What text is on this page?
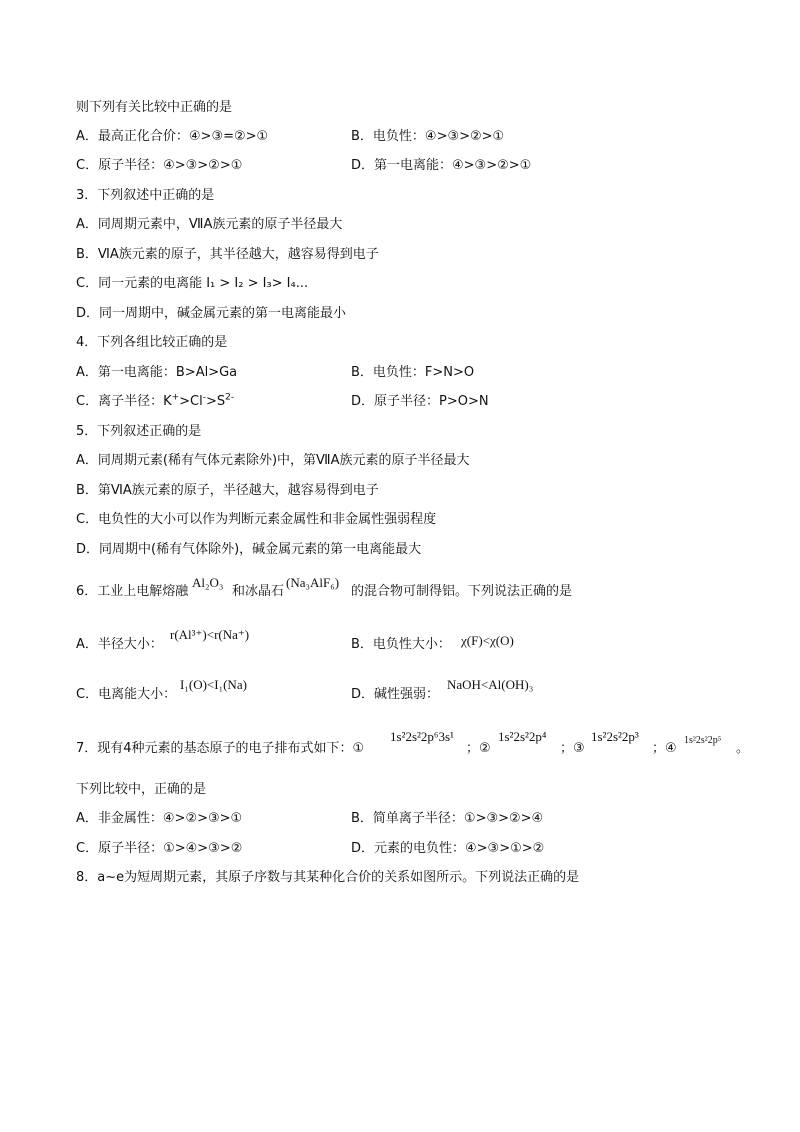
则下列有关比较中正确的是
A．最高正化合价：④>③=②>①	B．电负性：④>③>②>①
C．原子半径：④>③>②>①	D．第一电离能：④>③>②>①
3．下列叙述中正确的是
A．同周期元素中，ⅦA族元素的原子半径最大
B．ⅥA族元素的原子，其半径越大，越容易得到电子
C．同一元素的电离能 I₁ > I₂ > I₃> I₄...
D．同一周期中，碱金属元素的第一电离能最小
4．下列各组比较正确的是
A．第一电离能：B>Al>Ga	B．电负性：F>N>O
C．离子半径：$K^+>Cl^->S^{2-}$	D．原子半径：P>O>N
5．下列叙述正确的是
A．同周期元素(稀有气体元素除外)中，第ⅦA族元素的原子半径最大
B．第ⅥA族元素的原子，半径越大，越容易得到电子
C．电负性的大小可以作为判断元素金属性和非金属性强弱程度
D．同周期中(稀有气体除外)，碱金属元素的第一电离能最大
6．工业上电解熔融
Al₂O₃
和冰晶石
(Na₃AlF₆)
的混合物可制得铝。下列说法正确的是
A．半径大小：
r(Al³⁺)<r(Na⁺)
B．电负性大小： χ(F)<χ(O)
C．电离能大小：
I₁(O)<I₁(Na)
D．碱性强弱：
NaOH<Al(OH)₃
7．现有4种元素的基态原子的电子排布式如下：①
1s²2s²2p⁶3s¹
；②
1s²2s²2p⁴
；③
1s²2s²2p³
；④
1s²2s²2p⁵
。
下列比较中，正确的是
A．非金属性：④>②>③>①	B．简单离子半径：①>③>②>④
C．原子半径：①>④>③>②	D．元素的电负性：④>③>①>②
8．a~e为短周期元素，其原子序数与其某种化合价的关系如图所示。下列说法正确的是
